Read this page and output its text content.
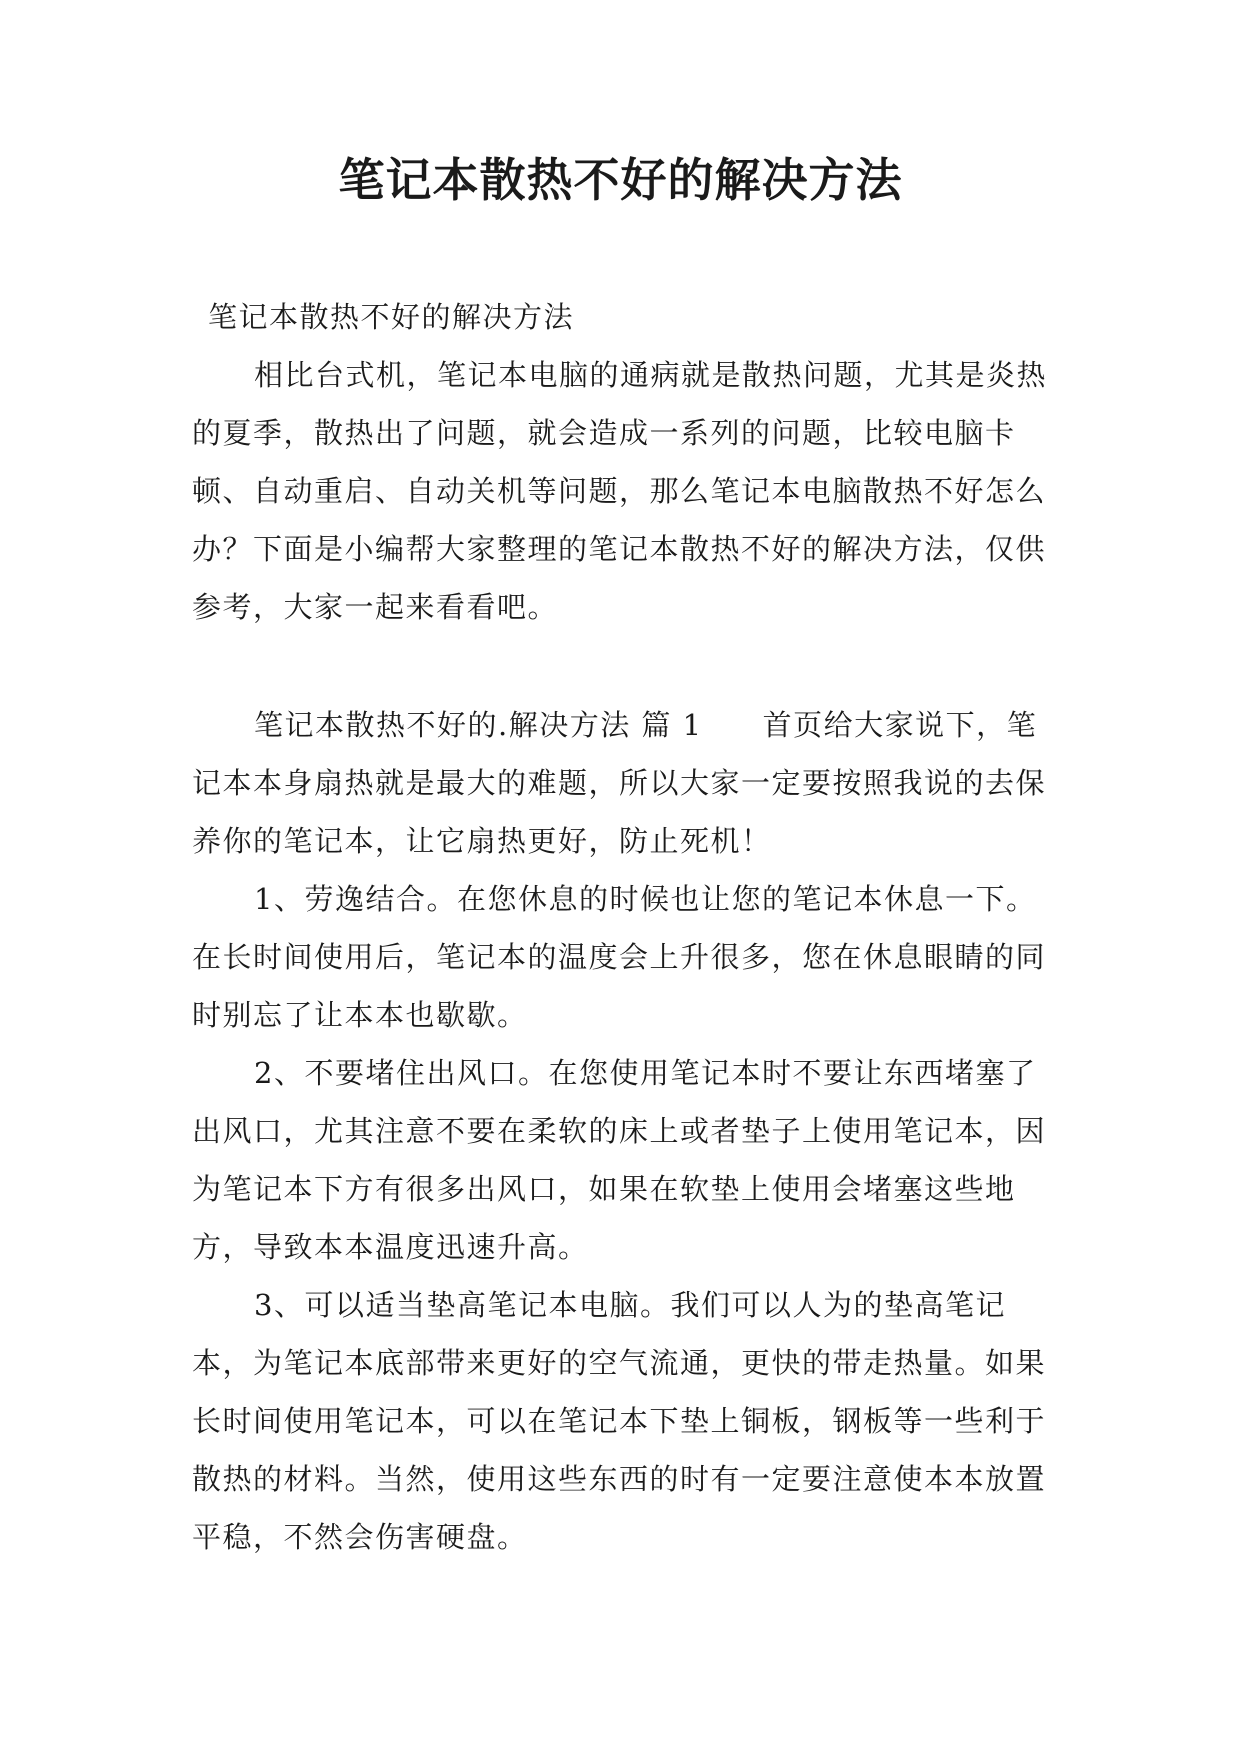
笔记本散热不好的解决方法

笔记本散热不好的解决方法

相比台式机，笔记本电脑的通病就是散热问题，尤其是炎热的夏季，散热出了问题，就会造成一系列的问题，比较电脑卡顿、自动重启、自动关机等问题，那么笔记本电脑散热不好怎么办？下面是小编帮大家整理的笔记本散热不好的解决方法，仅供参考，大家一起来看看吧。

笔记本散热不好的.解决方法 篇 1 首页给大家说下，笔记本本身扇热就是最大的难题，所以大家一定要按照我说的去保养你的笔记本，让它扇热更好，防止死机！

1、劳逸结合。在您休息的时候也让您的笔记本休息一下。在长时间使用后，笔记本的温度会上升很多，您在休息眼睛的同时别忘了让本本也歇歇。

2、不要堵住出风口。在您使用笔记本时不要让东西堵塞了出风口，尤其注意不要在柔软的床上或者垫子上使用笔记本，因为笔记本下方有很多出风口，如果在软垫上使用会堵塞这些地方，导致本本温度迅速升高。

3、可以适当垫高笔记本电脑。我们可以人为的垫高笔记本，为笔记本底部带来更好的空气流通，更快的带走热量。如果长时间使用笔记本，可以在笔记本下垫上铜板，钢板等一些利于散热的材料。当然，使用这些东西的时有一定要注意使本本放置平稳，不然会伤害硬盘。
